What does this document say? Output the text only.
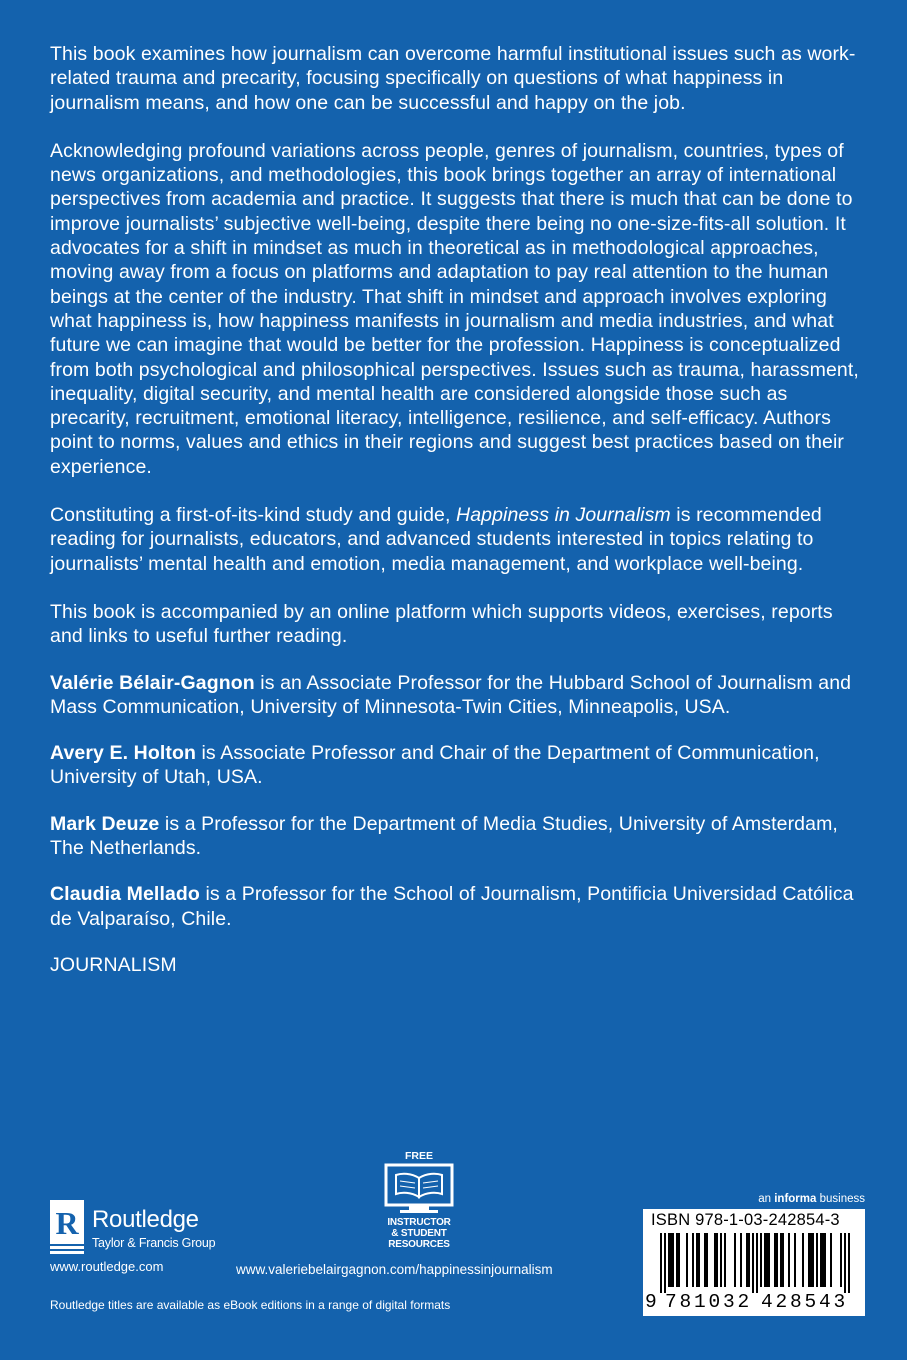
This book examines how journalism can overcome harmful institutional issues such as work-related trauma and precarity, focusing specifically on questions of what happiness in journalism means, and how one can be successful and happy on the job.

Acknowledging profound variations across people, genres of journalism, countries, types of news organizations, and methodologies, this book brings together an array of international perspectives from academia and practice. It suggests that there is much that can be done to improve journalists’ subjective well-being, despite there being no one-size-fits-all solution. It advocates for a shift in mindset as much in theoretical as in methodological approaches, moving away from a focus on platforms and adaptation to pay real attention to the human beings at the center of the industry. That shift in mindset and approach involves exploring what happiness is, how happiness manifests in journalism and media industries, and what future we can imagine that would be better for the profession. Happiness is conceptualized from both psychological and philosophical perspectives. Issues such as trauma, harassment, inequality, digital security, and mental health are considered alongside those such as precarity, recruitment, emotional literacy, intelligence, resilience, and self-efficacy. Authors point to norms, values and ethics in their regions and suggest best practices based on their experience.

Constituting a first-of-its-kind study and guide, Happiness in Journalism is recommended reading for journalists, educators, and advanced students interested in topics relating to journalists’ mental health and emotion, media management, and workplace well-being.

This book is accompanied by an online platform which supports videos, exercises, reports and links to useful further reading.

Valérie Bélair-Gagnon is an Associate Professor for the Hubbard School of Journalism and Mass Communication, University of Minnesota-Twin Cities, Minneapolis, USA.

Avery E. Holton is Associate Professor and Chair of the Department of Communication, University of Utah, USA.

Mark Deuze is a Professor for the Department of Media Studies, University of Amsterdam, The Netherlands.

Claudia Mellado is a Professor for the School of Journalism, Pontificia Universidad Católica de Valparaíso, Chile.

JOURNALISM

R Routledge
Taylor & Francis Group
www.routledge.com
FREE
INSTRUCTOR
& STUDENT
RESOURCES
www.valeriebelairgagnon.com/happinessinjournalism
an informa business
ISBN 978-1-03-242854-3
9 781032 428543
Routledge titles are available as eBook editions in a range of digital formats
